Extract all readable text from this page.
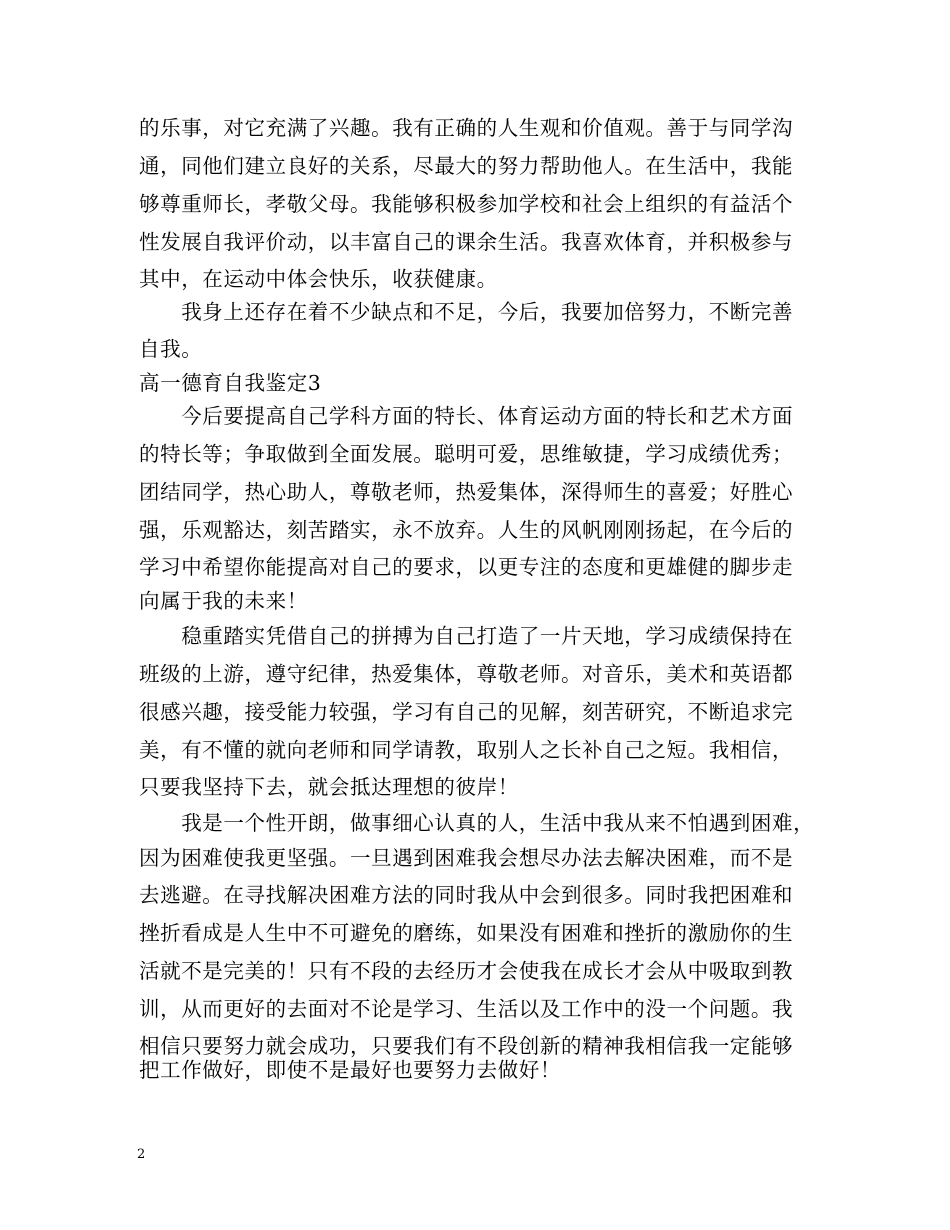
的乐事，对它充满了兴趣。我有正确的人生观和价值观。善于与同学沟
通，同他们建立良好的关系，尽最大的努力帮助他人。在生活中，我能
够尊重师长，孝敬父母。我能够积极参加学校和社会上组织的有益活个
性发展自我评价动，以丰富自己的课余生活。我喜欢体育，并积极参与
其中，在运动中体会快乐，收获健康。
　　我身上还存在着不少缺点和不足，今后，我要加倍努力，不断完善
自我。
高一德育自我鉴定3
　　今后要提高自己学科方面的特长、体育运动方面的特长和艺术方面
的特长等；争取做到全面发展。聪明可爱，思维敏捷，学习成绩优秀；
团结同学，热心助人，尊敬老师，热爱集体，深得师生的喜爱；好胜心
强，乐观豁达，刻苦踏实，永不放弃。人生的风帆刚刚扬起，在今后的
学习中希望你能提高对自己的要求，以更专注的态度和更雄健的脚步走
向属于我的未来！
　　稳重踏实凭借自己的拼搏为自己打造了一片天地，学习成绩保持在
班级的上游，遵守纪律，热爱集体，尊敬老师。对音乐，美术和英语都
很感兴趣，接受能力较强，学习有自己的见解，刻苦研究，不断追求完
美，有不懂的就向老师和同学请教，取别人之长补自己之短。我相信，
只要我坚持下去，就会抵达理想的彼岸！
　　我是一个性开朗，做事细心认真的人，生活中我从来不怕遇到困难，
因为困难使我更坚强。一旦遇到困难我会想尽办法去解决困难，而不是
去逃避。在寻找解决困难方法的同时我从中会到很多。同时我把困难和
挫折看成是人生中不可避免的磨练，如果没有困难和挫折的激励你的生
活就不是完美的！只有不段的去经历才会使我在成长才会从中吸取到教
训，从而更好的去面对不论是学习、生活以及工作中的没一个问题。我
相信只要努力就会成功，只要我们有不段创新的精神我相信我一定能够
把工作做好，即使不是最好也要努力去做好！
2
